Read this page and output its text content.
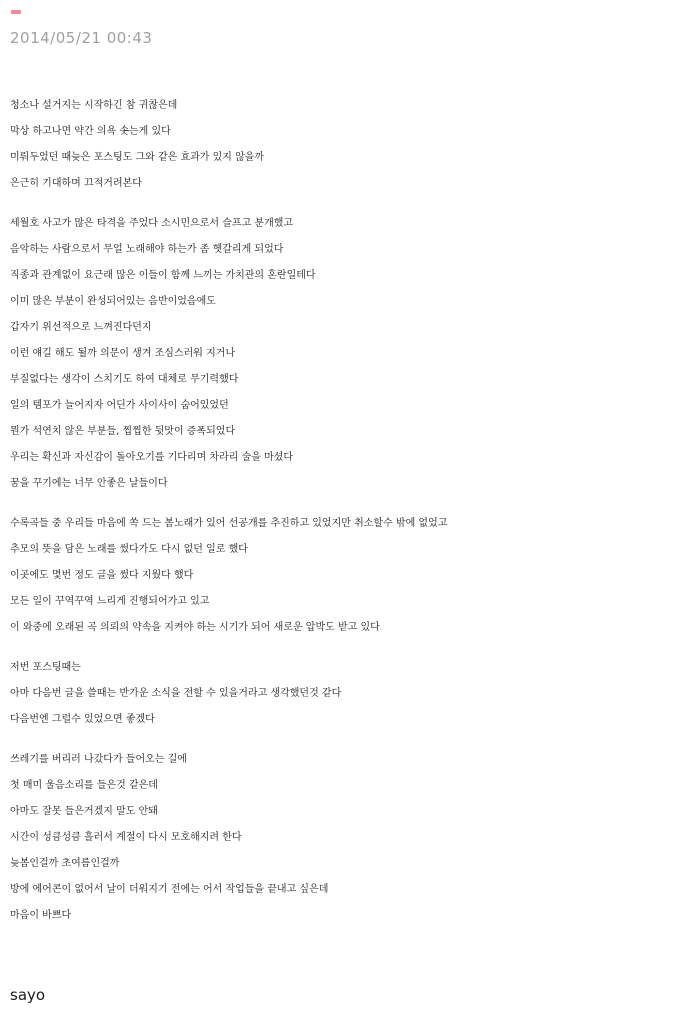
2014/05/21 00:43
청소나 설거지는 시작하긴 참 귀찮은데
막상 하고나면 약간 의욕 솟는게 있다
미뤄두었던 때늦은 포스팅도 그와 같은 효과가 있지 않을까
은근히 기대하며 끄적거려본다
세월호 사고가 많은 타격을 주었다 소시민으로서 슬프고 분개했고
음악하는 사람으로서 무얼 노래해야 하는가 좀 헷갈리게 되었다
직종과 관계없이 요근래 많은 이들이 함께 느끼는 가치관의 혼란일테다
이미 많은 부분이 완성되어있는 음반이었음에도
갑자기 위선적으로 느껴진다던지
이런 얘길 해도 될까 의문이 생겨 조심스러워 지거나
부질없다는 생각이 스치기도 하여 대체로 무기력했다
일의 템포가 늘어지자 어딘가 사이사이 숨어있었던
뭔가 석연치 않은 부분들, 찝찝한 뒷맛이 증폭되었다
우리는 확신과 자신감이 돌아오기를 기다리며 차라리 술을 마셨다
꿈을 꾸기에는 너무 안좋은 날들이다
수록곡들 중 우리들 마음에 쏙 드는 봄노래가 있어 선공개를 추진하고 있었지만 취소할수 밖에 없었고
추모의 뜻을 담은 노래를 썼다가도 다시 없던 일로 했다
이곳에도 몇번 정도 글을 썼다 지웠다 했다
모든 일이 꾸역꾸역 느리게 진행되어가고 있고
이 와중에 오래된 곡 의뢰의 약속을 지켜야 하는 시기가 되어 새로운 압박도 받고 있다
저번 포스팅때는
아마 다음번 글을 쓸때는 반가운 소식을 전할 수 있을거라고 생각했던것 같다
다음번엔 그럴수 있었으면 좋겠다
쓰레기를 버리러 나갔다가 들어오는 길에
첫 매미 울음소리를 들은것 같은데
아마도 잘못 들은거겠지 말도 안돼
시간이 성큼성큼 흘러서 계절이 다시 모호해지려 한다
늦봄인걸까 초여름인걸까
방에 에어콘이 없어서 날이 더워지기 전에는 어서 작업들을 끝내고 싶은데
마음이 바쁘다
sayo
